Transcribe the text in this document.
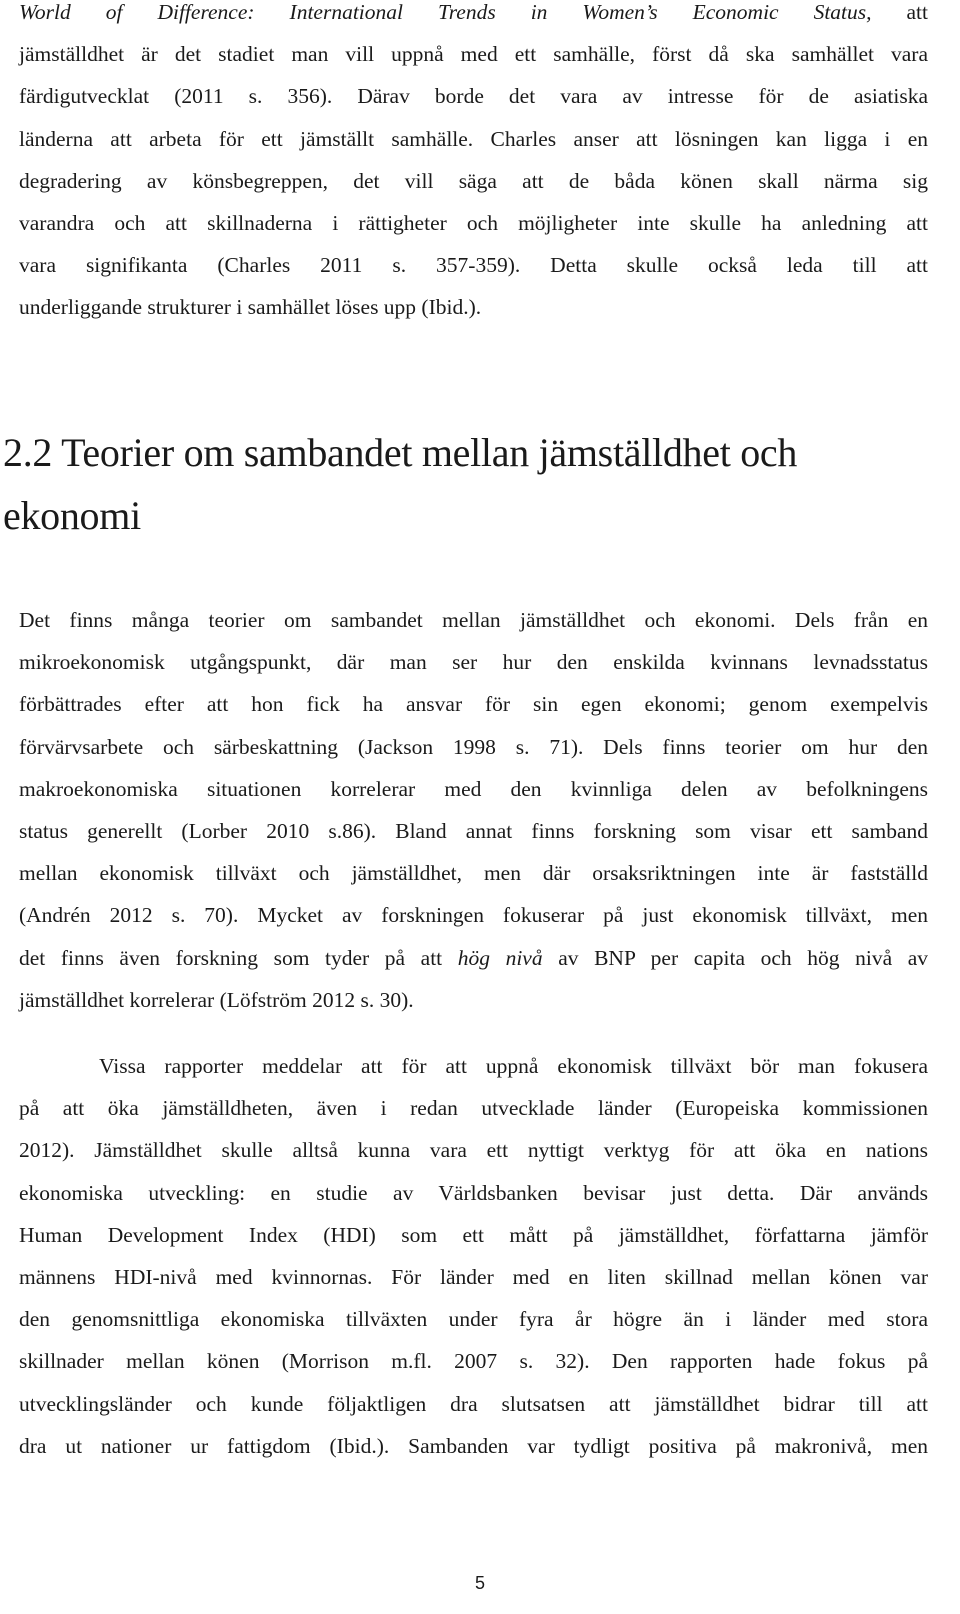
World of Difference: International Trends in Women’s Economic Status, att
jämställdhet är det stadiet man vill uppnå med ett samhälle, först då ska samhället vara
färdigutvecklat (2011 s. 356). Därav borde det vara av intresse för de asiatiska
länderna att arbeta för ett jämställt samhälle. Charles anser att lösningen kan ligga i en
degradering av könsbegreppen, det vill säga att de båda könen skall närma sig
varandra och att skillnaderna i rättigheter och möjligheter inte skulle ha anledning att
vara signifikanta (Charles 2011 s. 357-359). Detta skulle också leda till att
underliggande strukturer i samhället löses upp (Ibid.).
2.2 Teorier om sambandet mellan jämställdhet och
ekonomi
Det finns många teorier om sambandet mellan jämställdhet och ekonomi. Dels från en
mikroekonomisk utgångspunkt, där man ser hur den enskilda kvinnans levnadsstatus
förbättrades efter att hon fick ha ansvar för sin egen ekonomi; genom exempelvis
förvärvsarbete och särbeskattning (Jackson 1998 s. 71). Dels finns teorier om hur den
makroekonomiska situationen korrelerar med den kvinnliga delen av befolkningens
status generellt (Lorber 2010 s.86). Bland annat finns forskning som visar ett samband
mellan ekonomisk tillväxt och jämställdhet, men där orsaksriktningen inte är fastställd
(Andrén 2012 s. 70). Mycket av forskningen fokuserar på just ekonomisk tillväxt, men
det finns även forskning som tyder på att hög nivå av BNP per capita och hög nivå av
jämställdhet korrelerar (Löfström 2012 s. 30).
Vissa rapporter meddelar att för att uppnå ekonomisk tillväxt bör man fokusera
på att öka jämställdheten, även i redan utvecklade länder (Europeiska kommissionen
2012). Jämställdhet skulle alltså kunna vara ett nyttigt verktyg för att öka en nations
ekonomiska utveckling: en studie av Världsbanken bevisar just detta. Där används
Human Development Index (HDI) som ett mått på jämställdhet, författarna jämför
männens HDI-nivå med kvinnornas. För länder med en liten skillnad mellan könen var
den genomsnittliga ekonomiska tillväxten under fyra år högre än i länder med stora
skillnader mellan könen (Morrison m.fl. 2007 s. 32). Den rapporten hade fokus på
utvecklingsländer och kunde följaktligen dra slutsatsen att jämställdhet bidrar till att
dra ut nationer ur fattigdom (Ibid.). Sambanden var tydligt positiva på makronivå, men
5
